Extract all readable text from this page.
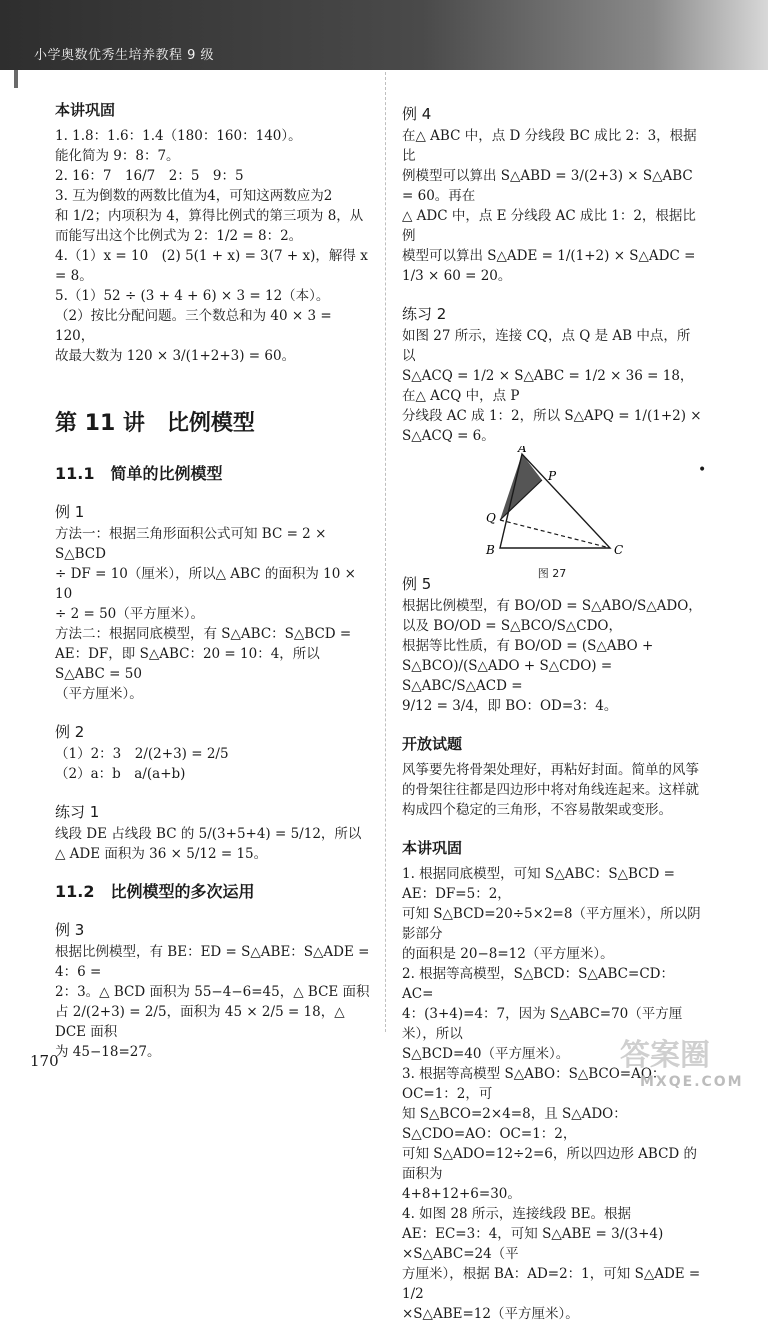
小学奥数优秀生培养教程 9 级
本讲巩固

1. 1.8：1.6：1.4（180：160：140）。

能化简为 9：8：7。

2. 16：7　16/7　2：5　9：5

3. 互为倒数的两数比值为4，可知这两数应为2

和 1/2；内项积为 4，算得比例式的第三项为 8，从

而能写出这个比例式为 2：1/2 = 8：2。

4.（1）x = 10　(2) 5(1 + x) = 3(7 + x)，解得 x = 8。

5.（1）52 ÷ (3 + 4 + 6) × 3 = 12（本）。

（2）按比分配问题。三个数总和为 40 × 3 = 120，

故最大数为 120 × 3/(1+2+3) = 60。

第 11 讲　比例模型
11.1　简单的比例模型
例 1

方法一：根据三角形面积公式可知 BC = 2 × S△BCD

÷ DF = 10（厘米），所以△ ABC 的面积为 10 × 10

÷ 2 = 50（平方厘米）。

方法二：根据同底模型，有 S△ABC：S△BCD =

AE：DF，即 S△ABC：20 = 10：4，所以 S△ABC = 50

（平方厘米）。

例 2

（1）2：3　2/(2+3) = 2/5

（2）a：b　a/(a+b)

练习 1

线段 DE 占线段 BC 的 5/(3+5+4) = 5/12，所以

△ ADE 面积为 36 × 5/12 = 15。

11.2　比例模型的多次运用
例 3

根据比例模型，有 BE：ED = S△ABE：S△ADE = 4：6 =

2：3。△ BCD 面积为 55−4−6=45，△ BCE 面积

占 2/(2+3) = 2/5，面积为 45 × 2/5 = 18，△ DCE 面积

为 45−18=27。

例 4

在△ ABC 中，点 D 分线段 BC 成比 2：3，根据比

例模型可以算出 S△ABD = 3/(2+3) × S△ABC = 60。再在

△ ADC 中，点 E 分线段 AC 成比 1：2，根据比例

模型可以算出 S△ADE = 1/(1+2) × S△ADC = 1/3 × 60 = 20。

练习 2

如图 27 所示，连接 CQ，点 Q 是 AB 中点，所以

S△ACQ = 1/2 × S△ABC = 1/2 × 36 = 18，在△ ACQ 中，点 P

分线段 AC 成 1：2，所以 S△APQ = 1/(1+2) × S△ACQ = 6。

A
B	C
P
Q
图 27
例 5

根据比例模型，有 BO/OD = S△ABO/S△ADO，以及 BO/OD = S△BCO/S△CDO，

根据等比性质，有 BO/OD = (S△ABO + S△BCO)/(S△ADO + S△CDO) = S△ABC/S△ACD =

9/12 = 3/4，即 BO：OD=3：4。

开放试题

风筝要先将骨架处理好，再粘好封面。简单的风筝

的骨架往往都是四边形中将对角线连起来。这样就

构成四个稳定的三角形，不容易散架或变形。

本讲巩固

1. 根据同底模型，可知 S△ABC：S△BCD = AE：DF=5：2，

可知 S△BCD=20÷5×2=8（平方厘米），所以阴影部分

的面积是 20−8=12（平方厘米）。

2. 根据等高模型，S△BCD：S△ABC=CD：AC=

4：(3+4)=4：7，因为 S△ABC=70（平方厘米），所以

S△BCD=40（平方厘米）。

3. 根据等高模型 S△ABO：S△BCO=AO：OC=1：2，可

知 S△BCO=2×4=8，且 S△ADO：S△CDO=AO：OC=1：2，

可知 S△ADO=12÷2=6，所以四边形 ABCD 的面积为

4+8+12+6=30。

4. 如图 28 所示，连接线段 BE。根据

AE：EC=3：4，可知 S△ABE = 3/(3+4) ×S△ABC=24（平

方厘米），根据 BA：AD=2：1，可知 S△ADE = 1/2

×S△ABE=12（平方厘米）。

•
170	答案圈
MXQE.COM
